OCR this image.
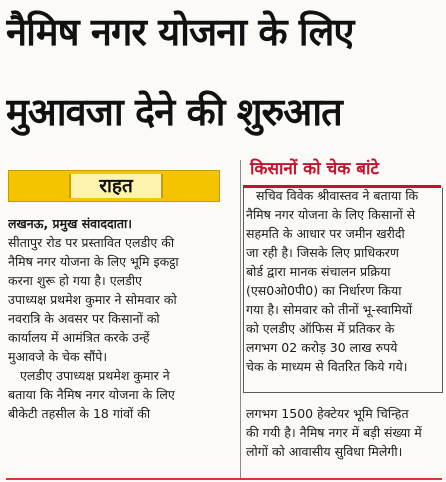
नैमिष नगर योजना के लिए
मुआवजा देने की शुरुआत
राहत
किसानों को चेक बांटे

लखनऊ, प्रमुख संवाददाता।

सीतापुर रोड पर प्रस्तावित एलडीए की

नैमिष नगर योजना के लिए भूमि इकट्ठा

करना शुरू हो गया है। एलडीए

उपाध्यक्ष प्रथमेश कुमार ने सोमवार को

नवरात्रि के अवसर पर किसानों को

कार्यालय में आमंत्रित करके उन्हें

मुआवजे के चेक सौंपे।

एलडीए उपाध्यक्ष प्रथमेश कुमार ने

बताया कि नैमिष नगर योजना के लिए

बीकेटी तहसील के 18 गांवों की

सचिव विवेक श्रीवास्तव ने बताया कि

नैमिष नगर योजना के लिए किसानों से

सहमति के आधार पर जमीन खरीदी

जा रही है। जिसके लिए प्राधिकरण

बोर्ड द्वारा मानक संचालन प्रक्रिया

(एस0ओ0पी0) का निर्धारण किया

गया है। सोमवार को तीनों भू-स्वामियों

को एलडीए ऑफिस में प्रतिकर के

लगभग 02 करोड़ 30 लाख रुपये

चेक के माध्यम से वितरित किये गये।

लगभग 1500 हेक्टेयर भूमि चिन्हित

की गयी है। नैमिष नगर में बड़ी संख्या में

लोगों को आवासीय सुविधा मिलेगी।
